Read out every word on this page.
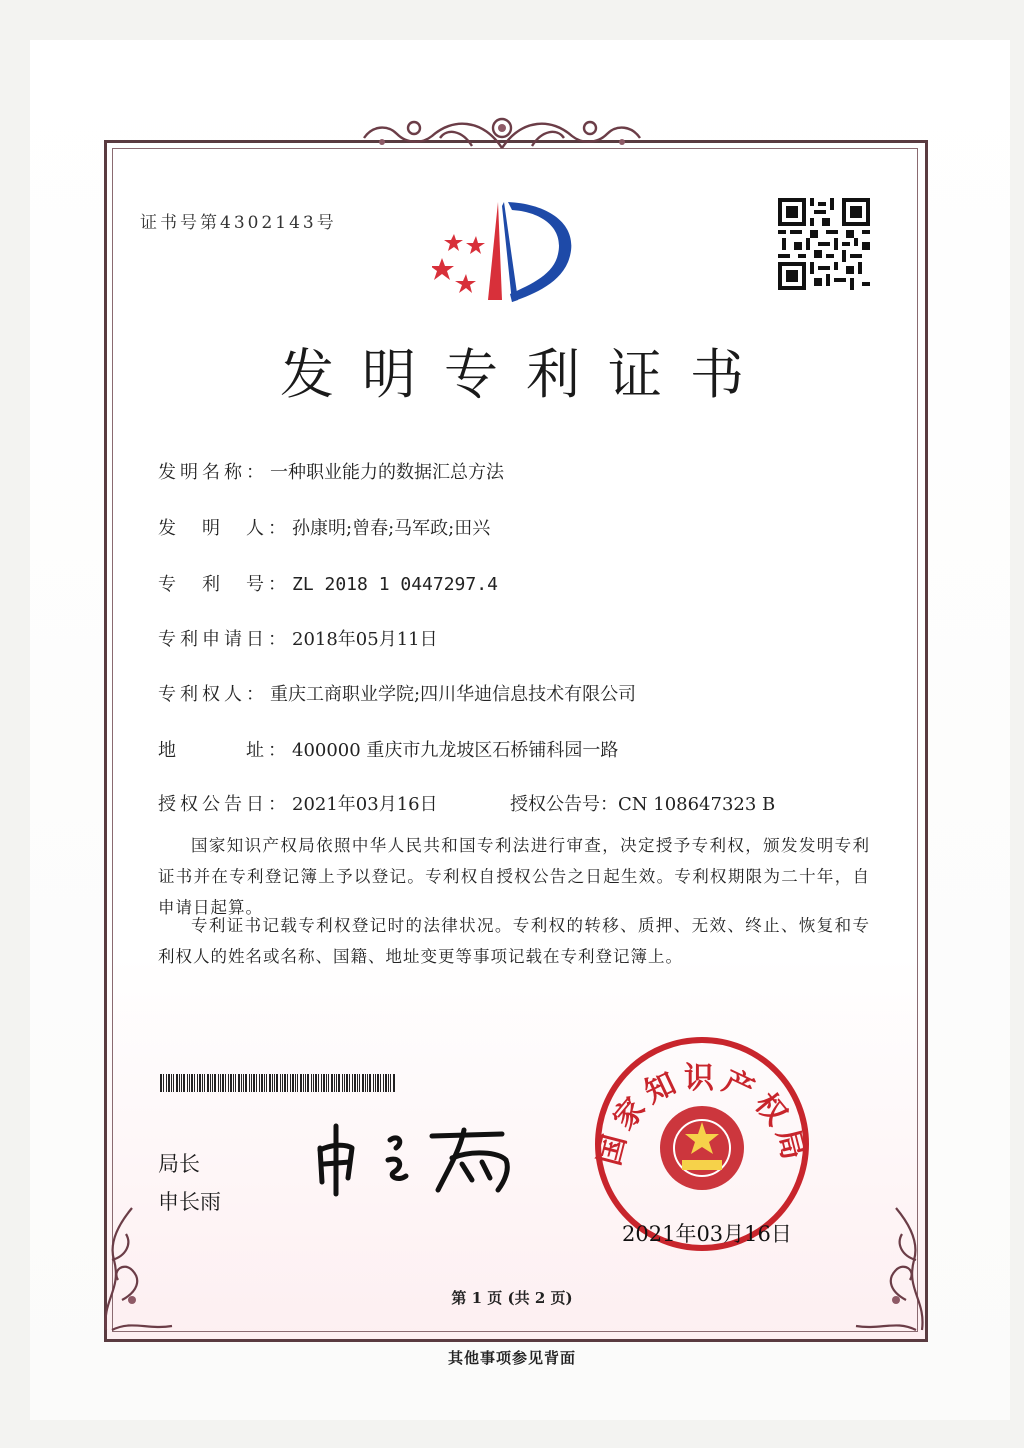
证书号第4302143号
发明专利证书
发明名称： 一种职业能力的数据汇总方法
发　明　人： 孙康明;曾春;马军政;田兴
专　利　号： ZL 2018 1 0447297.4
专利申请日： 2018年05月11日
专利权人： 重庆工商职业学院;四川华迪信息技术有限公司
地　　　址： 400000 重庆市九龙坡区石桥铺科园一路
授权公告日： 2021年03月16日	授权公告号：CN 108647323 B
国家知识产权局依照中华人民共和国专利法进行审查，决定授予专利权，颁发发明专利证书并在专利登记簿上予以登记。专利权自授权公告之日起生效。专利权期限为二十年，自申请日起算。
专利证书记载专利权登记时的法律状况。专利权的转移、质押、无效、终止、恢复和专利权人的姓名或名称、国籍、地址变更等事项记载在专利登记簿上。
局长
申长雨
国家知识产权局
2021年03月16日
第 1 页 (共 2 页)
其他事项参见背面
